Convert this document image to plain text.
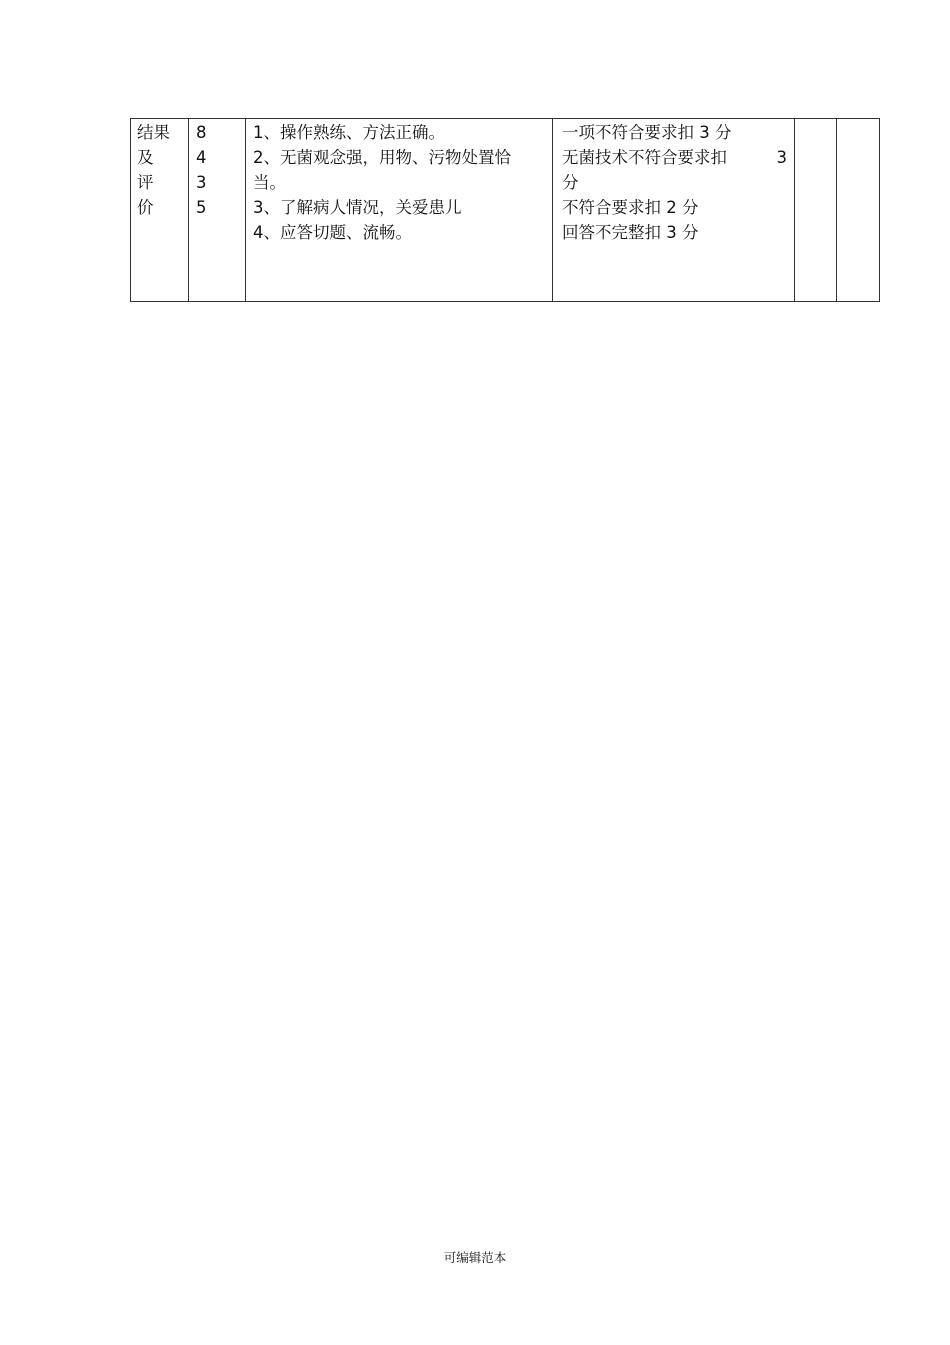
结果
及
评
价

8
4
3
5

1、操作熟练、方法正确。
2、无菌观念强，用物、污物处置恰
当。
3、了解病人情况，关爱患儿
4、应答切题、流畅。

一项不符合要求扣 3 分
无菌技术不符合要求扣	3
分
不符合要求扣 2 分
回答不完整扣 3 分

可编辑范本
